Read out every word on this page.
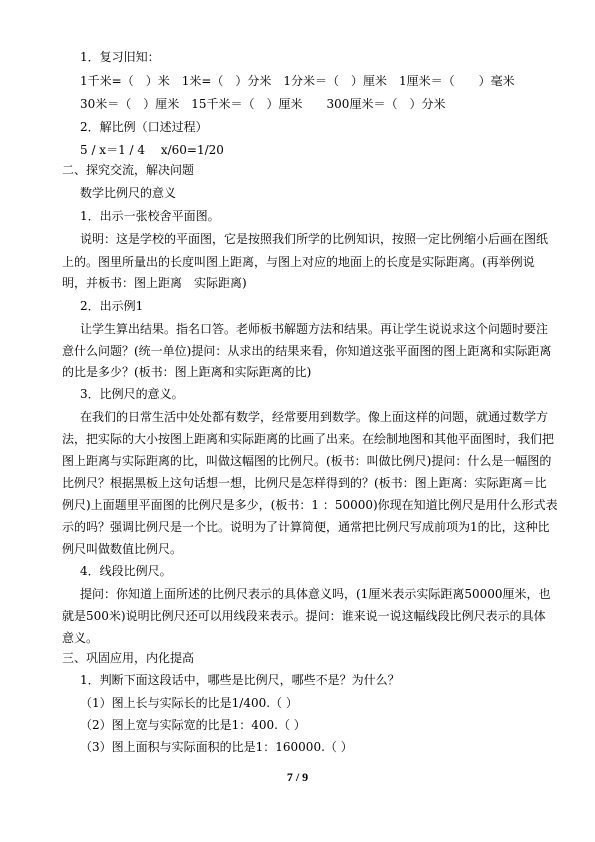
1．复习旧知：
1千米=（　）米　1米=（　）分米　1分米＝（　）厘米　1厘米＝（　　）毫米
30米＝（　）厘米　15千米＝（　）厘米　　300厘米＝（　）分米
2．解比例（口述过程）
5 / x＝1 / 4　 x/60=1/20
二、探究交流，解决问题
数学比例尺的意义
1．出示一张校舍平面图。
说明：这是学校的平面图，它是按照我们所学的比例知识，按照一定比例缩小后画在图纸
上的。图里所量出的长度叫图上距离，与图上对应的地面上的长度是实际距离。(再举例说
明，并板书：图上距离　实际距离)
2．出示例1
让学生算出结果。指名口答。老师板书解题方法和结果。再让学生说说求这个问题时要注
意什么问题？(统一单位)提问：从求出的结果来看，你知道这张平面图的图上距离和实际距离
的比是多少？(板书：图上距离和实际距离的比)
3．比例尺的意义。
在我们的日常生活中处处都有数学，经常要用到数学。像上面这样的问题，就通过数学方
法，把实际的大小按图上距离和实际距离的比画了出来。在绘制地图和其他平面图时，我们把
图上距离与实际距离的比，叫做这幅图的比例尺。(板书：叫做比例尺)提问：什么是一幅图的
比例尺？根据黑板上这句话想一想，比例尺是怎样得到的？(板书：图上距离：实际距离＝比
例尺)上面题里平面图的比例尺是多少，(板书：1 ：50000)你现在知道比例尺是用什么形式表
示的吗？强调比例尺是一个比。说明为了计算简便，通常把比例尺写成前项为1的比，这种比
例尺叫做数值比例尺。
4．线段比例尺。
提问：你知道上面所述的比例尺表示的具体意义吗，(1厘米表示实际距离50000厘米，也
就是500米)说明比例尺还可以用线段来表示。提问：谁来说一说这幅线段比例尺表示的具体
意义。
三、巩固应用，内化提高
1．判断下面这段话中，哪些是比例尺，哪些不是？为什么？
（1）图上长与实际长的比是1/400.（ ）
（2）图上宽与实际宽的比是1：400.（ ）
（3）图上面积与实际面积的比是1：160000.（ ）
7 / 9
